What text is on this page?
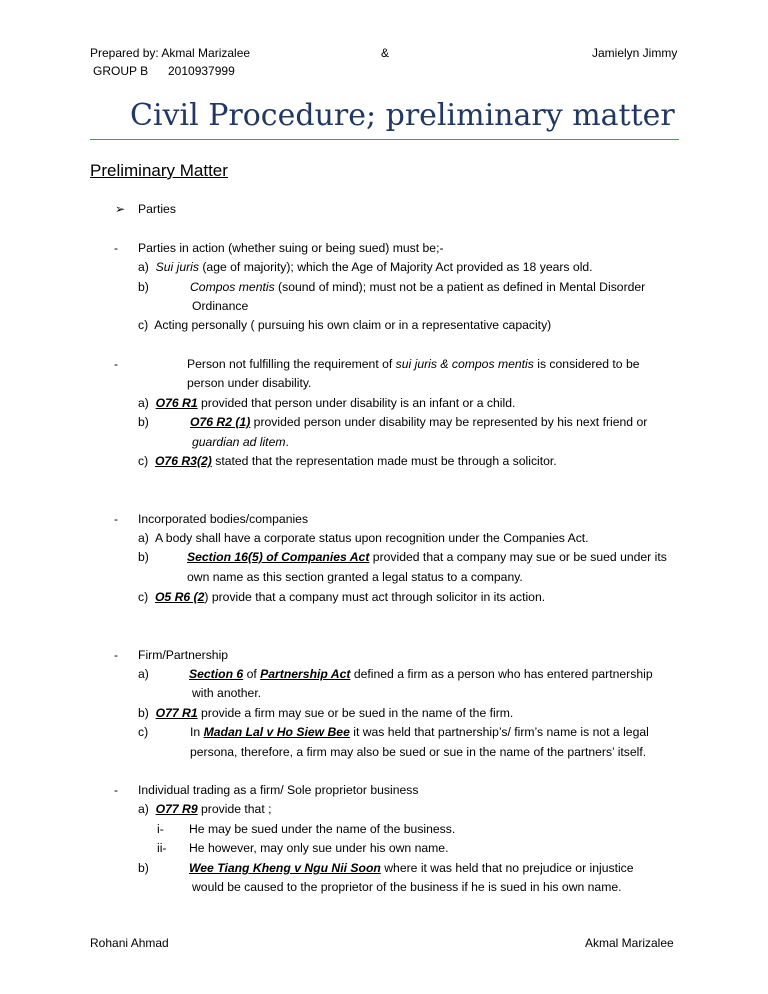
Prepared by: Akmal Marizalee	&	Jamielyn Jimmy
GROUP B 2010937999
Civil Procedure; preliminary matter
Preliminary Matter
➢ Parties
- Parties in action (whether suing or being sued) must be;-
a) Sui juris (age of majority); which the Age of Majority Act provided as 18 years old.
b)	Compos mentis (sound of mind); must not be a patient as defined in Mental Disorder
Ordinance
c) Acting personally ( pursuing his own claim or in a representative capacity)
-	Person not fulfilling the requirement of sui juris & compos mentis is considered to be
person under disability.
a) O76 R1 provided that person under disability is an infant or a child.
b)	O76 R2 (1) provided person under disability may be represented by his next friend or
guardian ad litem.
c) O76 R3(2) stated that the representation made must be through a solicitor.
- Incorporated bodies/companies
a) A body shall have a corporate status upon recognition under the Companies Act.
b)	Section 16(5) of Companies Act provided that a company may sue or be sued under its
own name as this section granted a legal status to a company.
c) O5 R6 (2) provide that a company must act through solicitor in its action.
- Firm/Partnership
a)	Section 6 of Partnership Act defined a firm as a person who has entered partnership
with another.
b) O77 R1 provide a firm may sue or be sued in the name of the firm.
c)	In Madan Lal v Ho Siew Bee it was held that partnership’s/ firm’s name is not a legal
persona, therefore, a firm may also be sued or sue in the name of the partners’ itself.
- Individual trading as a firm/ Sole proprietor business
a) O77 R9 provide that ;
i- He may be sued under the name of the business.
ii- He however, may only sue under his own name.
b)	Wee Tiang Kheng v Ngu Nii Soon where it was held that no prejudice or injustice
would be caused to the proprietor of the business if he is sued in his own name.
Rohani Ahmad	Akmal Marizalee
